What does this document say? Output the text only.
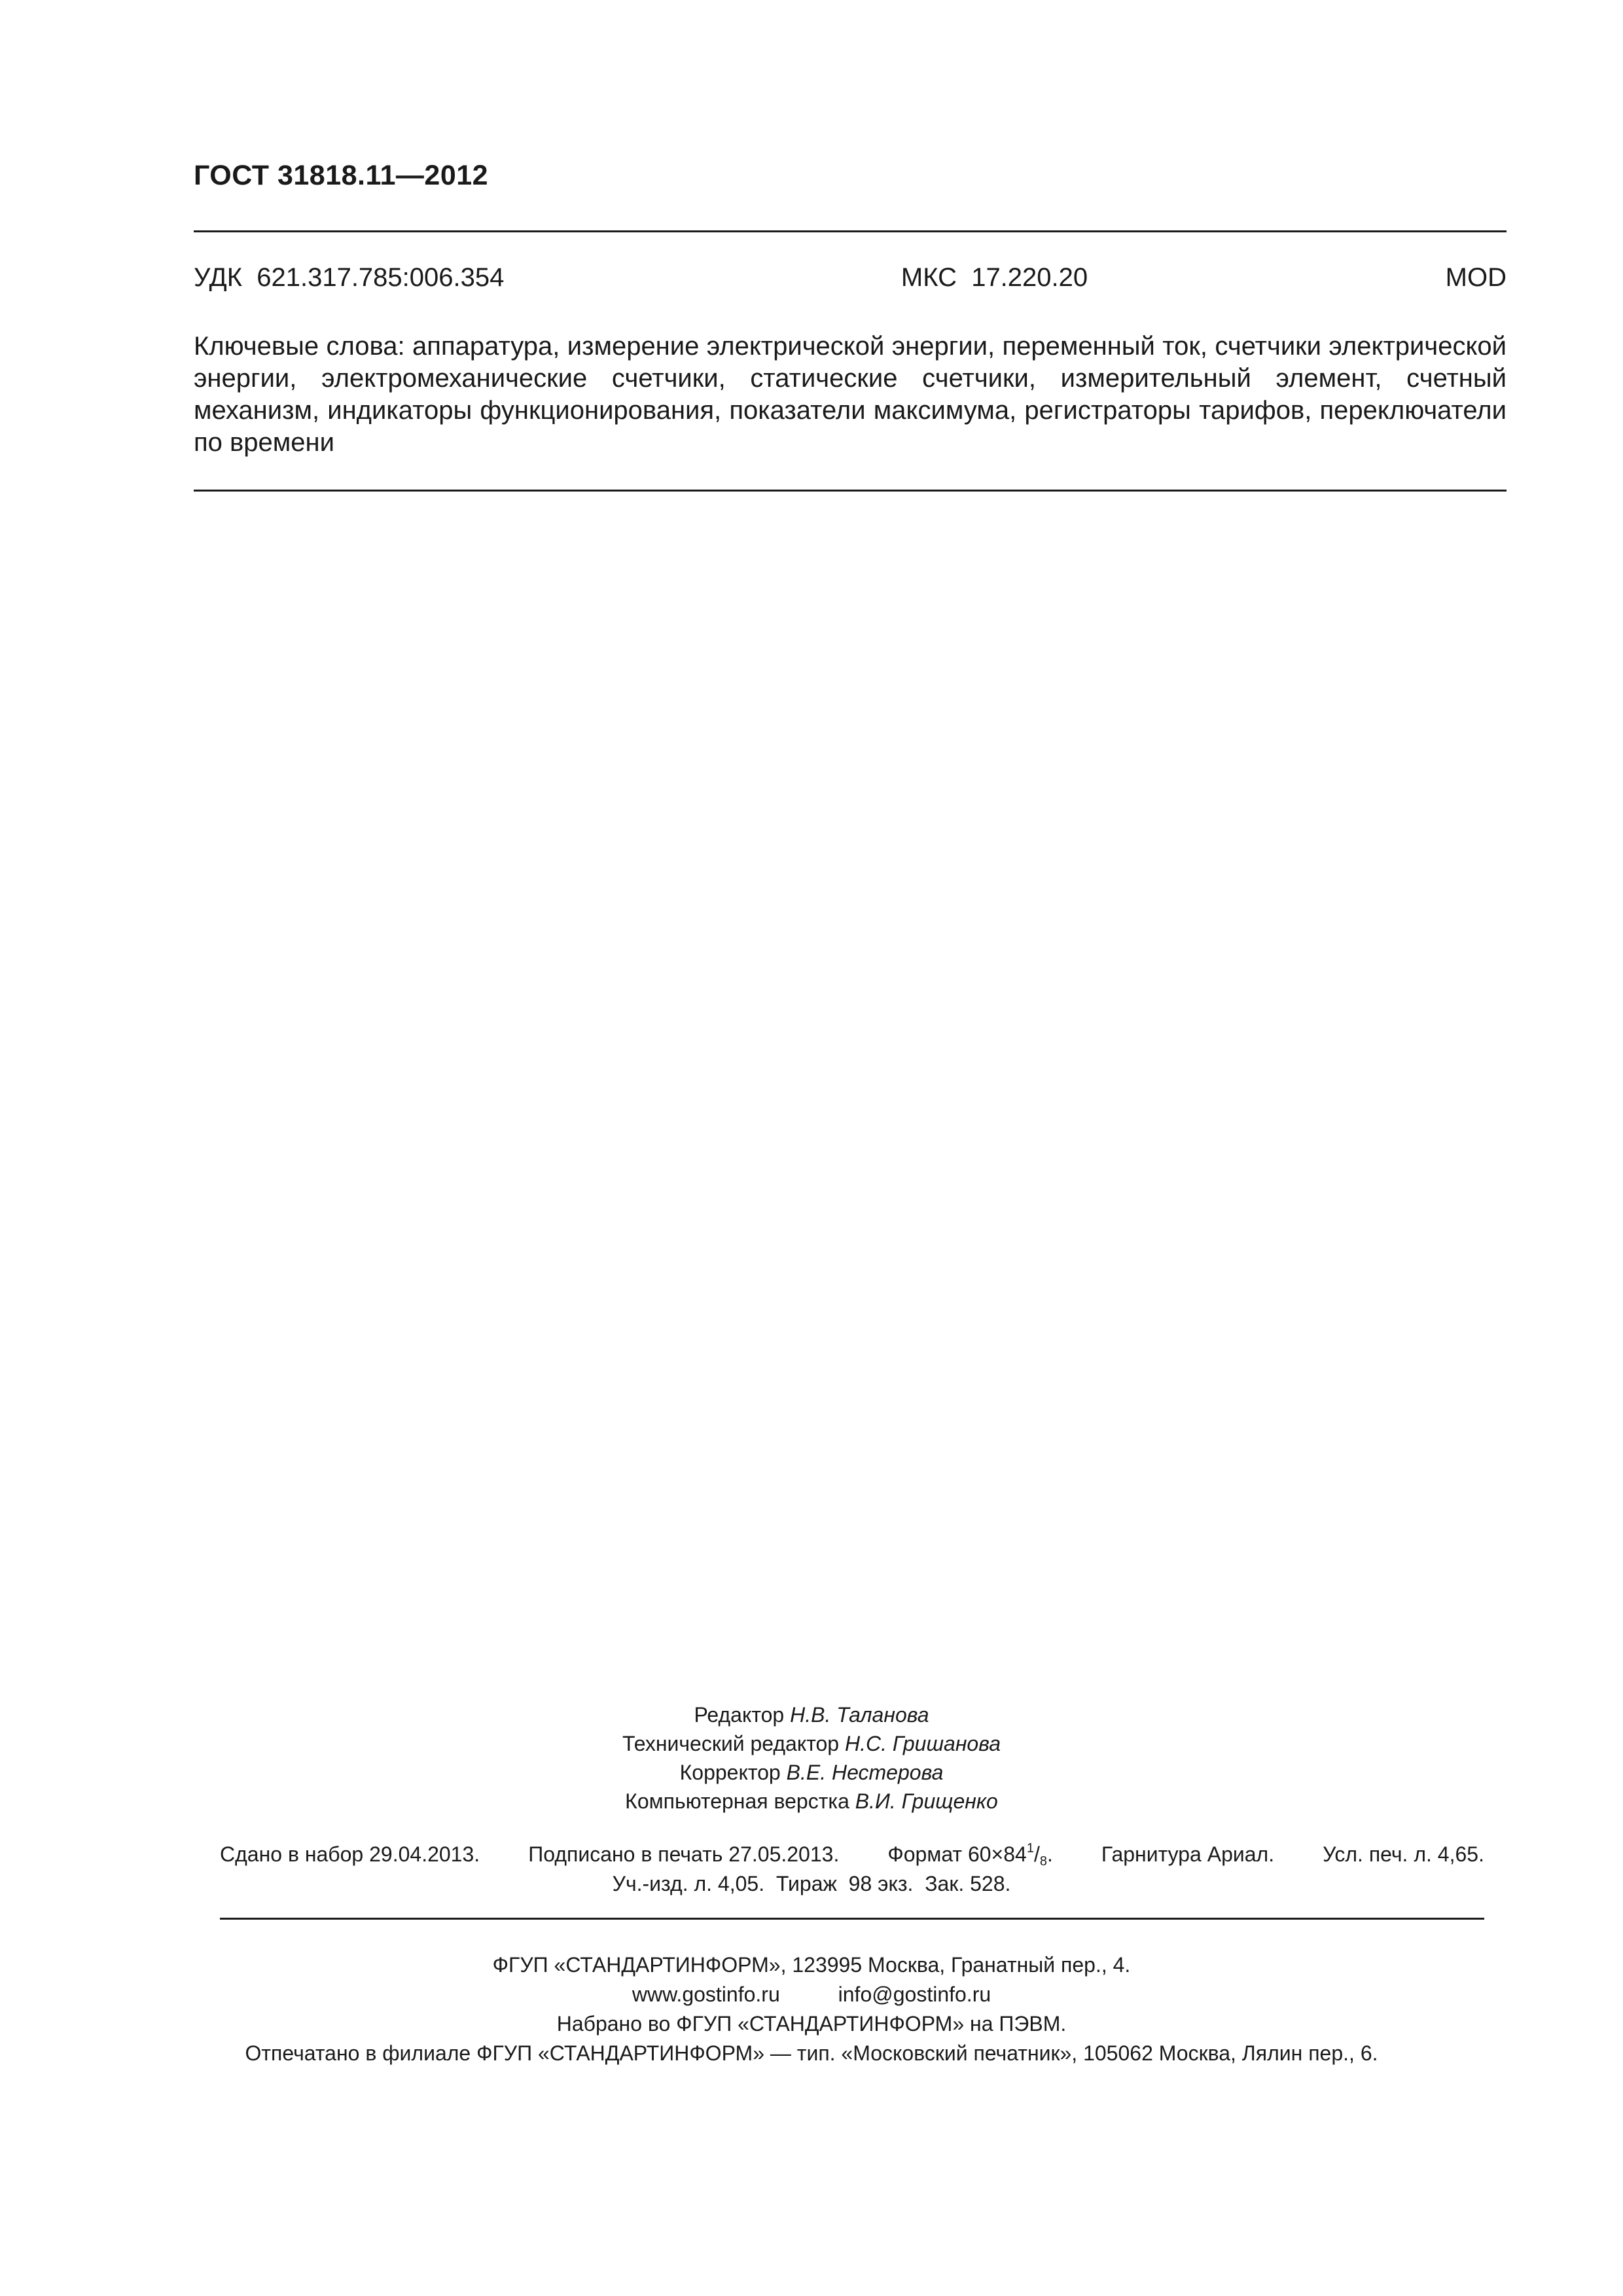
ГОСТ 31818.11—2012
УДК  621.317.785:006.354	МКС  17.220.20	MOD
Ключевые слова: аппаратура, измерение электрической энергии, переменный ток, счетчики электрической энергии, электромеханические счетчики, статические счетчики, измерительный элемент, счетный механизм, индикаторы функционирования, показатели максимума, регистраторы тарифов, переключатели по времени
Редактор Н.В. Таланова
Технический редактор Н.С. Гришанова
Корректор В.Е. Нестерова
Компьютерная верстка В.И. Грищенко
Сдано в набор 29.04.2013. Подписано в печать 27.05.2013. Формат $60\times 84^1/_8$. Гарнитура Ариал. Усл. печ. л. 4,65.
Уч.-изд. л. 4,05.  Тираж  98 экз.  Зак. 528.
ФГУП «СТАНДАРТИНФОРМ», 123995 Москва, Гранатный пер., 4.
www.gostinfo.ru	info@gostinfo.ru
Набрано во ФГУП «СТАНДАРТИНФОРМ» на ПЭВМ.
Отпечатано в филиале ФГУП «СТАНДАРТИНФОРМ» — тип. «Московский печатник», 105062 Москва, Лялин пер., 6.
